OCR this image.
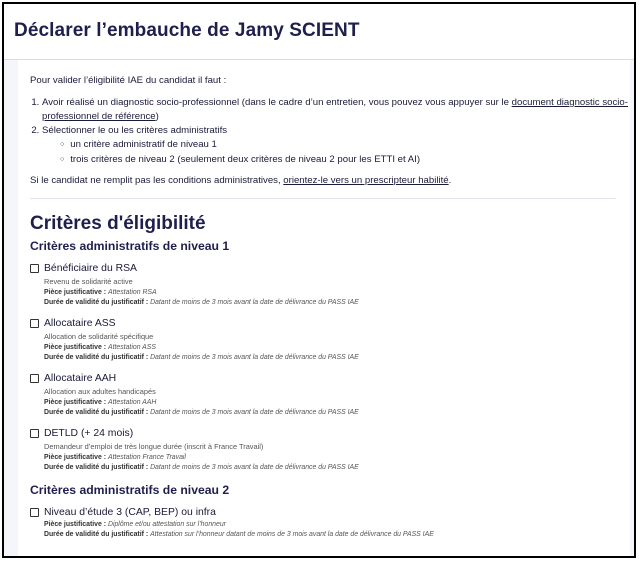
Déclarer l’embauche de Jamy SCIENT

Pour valider l’éligibilité IAE du candidat il faut :

1. Avoir réalisé un diagnostic socio-professionnel (dans le cadre d’un entretien, vous pouvez vous appuyer sur le document diagnostic socio-professionnel de référence)
2. Sélectionner le ou les critères administratifs
○ un critère administratif de niveau 1
○ trois critères de niveau 2 (seulement deux critères de niveau 2 pour les ETTI et AI)

Si le candidat ne remplit pas les conditions administratives, orientez-le vers un prescripteur habilité.

Critères d'éligibilité
Critères administratifs de niveau 1
Bénéficiaire du RSA
Revenu de solidarité active
Pièce justificative : Attestation RSA
Durée de validité du justificatif : Datant de moins de 3 mois avant la date de délivrance du PASS IAE
Allocataire ASS
Allocation de solidarité spécifique
Pièce justificative : Attestation ASS
Durée de validité du justificatif : Datant de moins de 3 mois avant la date de délivrance du PASS IAE
Allocataire AAH
Allocation aux adultes handicapés
Pièce justificative : Attestation AAH
Durée de validité du justificatif : Datant de moins de 3 mois avant la date de délivrance du PASS IAE
DETLD (+ 24 mois)
Demandeur d’emploi de très longue durée (inscrit à France Travail)
Pièce justificative : Attestation France Travail
Durée de validité du justificatif : Datant de moins de 3 mois avant la date de délivrance du PASS IAE
Critères administratifs de niveau 2
Niveau d’étude 3 (CAP, BEP) ou infra
Pièce justificative : Diplôme et/ou attestation sur l’honneur
Durée de validité du justificatif : Attestation sur l’honneur datant de moins de 3 mois avant la date de délivrance du PASS IAE
